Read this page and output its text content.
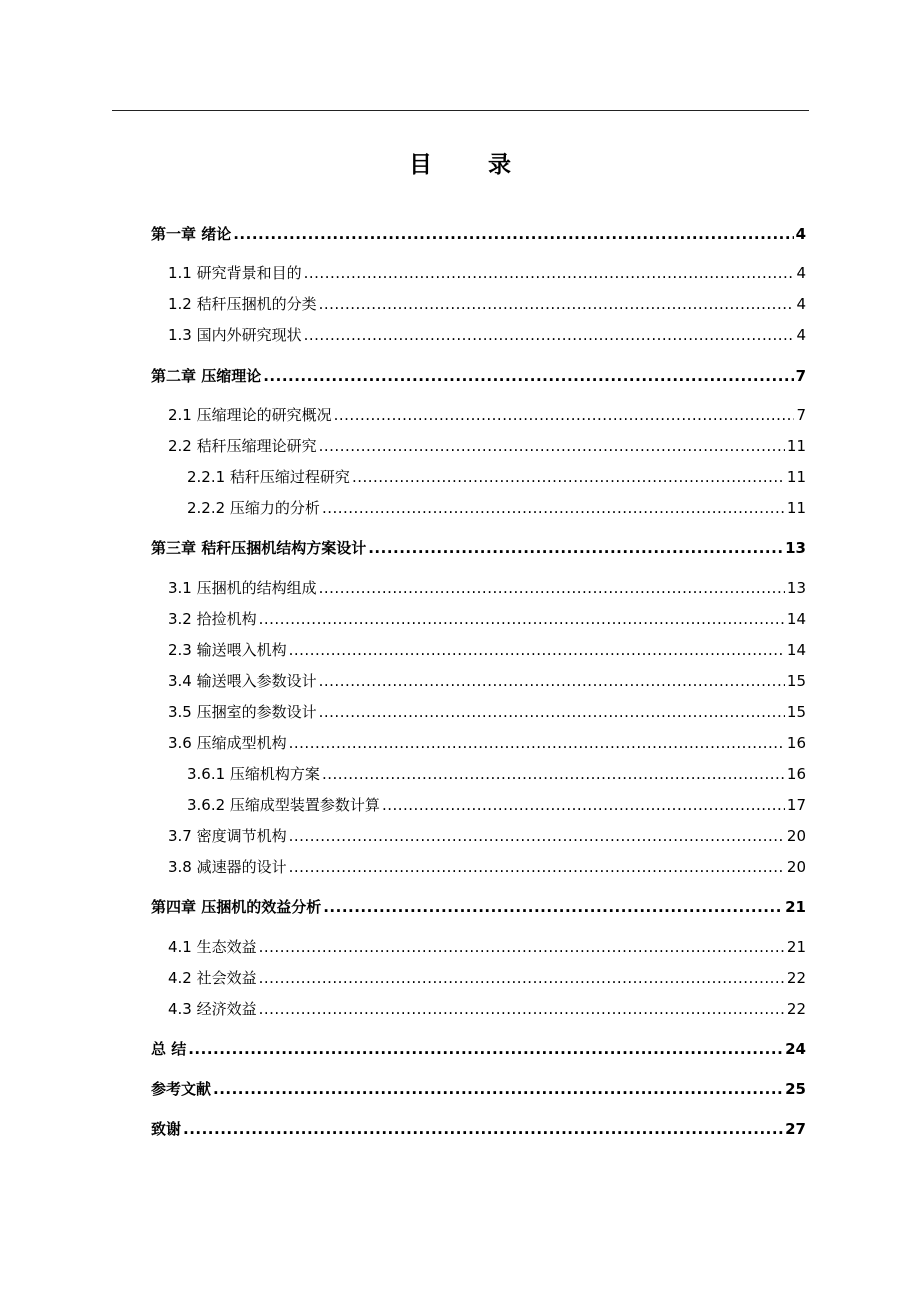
目 录
第一章 绪论 .....	4
1.1 研究背景和目的 .....	4
1.2 秸秆压捆机的分类 .....	4
1.3 国内外研究现状 .....	4
第二章 压缩理论 .....	7
2.1 压缩理论的研究概况 .....	7
2.2 秸秆压缩理论研究 .....	11
2.2.1 秸秆压缩过程研究 .....	11
2.2.2 压缩力的分析 .....	11
第三章 秸秆压捆机结构方案设计 .....	13
3.1 压捆机的结构组成 .....	13
3.2 拾捡机构 .....	14
2.3 输送喂入机构 .....	14
3.4 输送喂入参数设计 .....	15
3.5 压捆室的参数设计 .....	15
3.6 压缩成型机构 .....	16
3.6.1 压缩机构方案 .....	16
3.6.2 压缩成型装置参数计算 .....	17
3.7 密度调节机构 .....	20
3.8 减速器的设计 .....	20
第四章 压捆机的效益分析 .....	21
4.1 生态效益 .....	21
4.2 社会效益 .....	22
4.3 经济效益 .....	22
总 结 .....	24
参考文献 .....	25
致谢 .....	27
